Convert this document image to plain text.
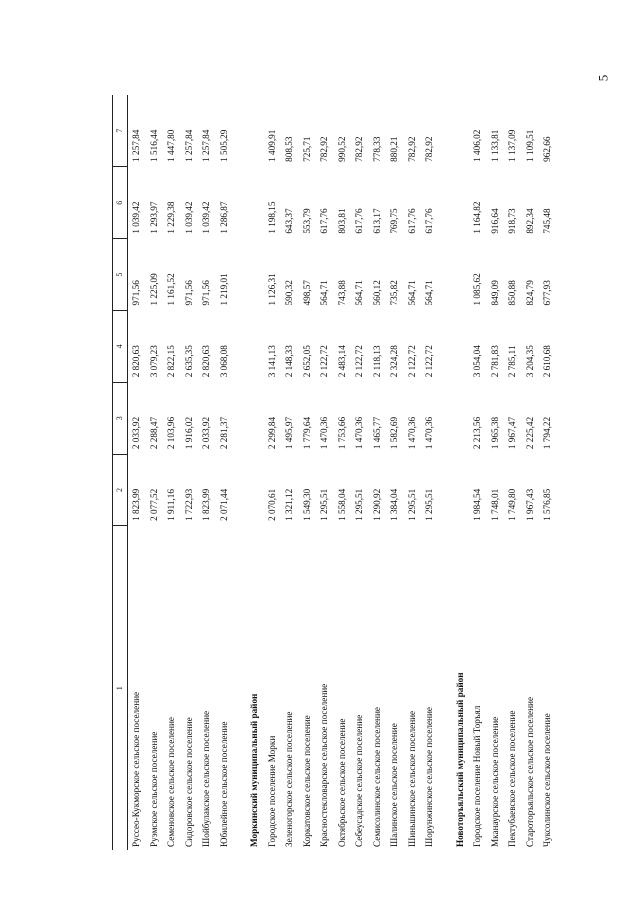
5
1	2	3	4	5	6	7
Руссео-Кукморское сельское поселение	1 823,99	2 033,92	2 820,63	971,56	1 039,42	1 257,84
Руэмское сельское поселение	2 077,52	2 288,47	3 079,23	1 225,09	1 293,97	1 516,44
Семеновское сельское поселение	1 911,16	2 103,96	2 822,15	1 161,52	1 229,38	1 447,80
Сидоровское сельское поселение	1 722,93	1 916,02	2 635,35	971,56	1 039,42	1 257,84
Шойбулакское сельское поселение	1 823,99	2 033,92	2 820,63	971,56	1 039,42	1 257,84
Юбилейное сельское поселение	2 071,44	2 281,37	3 068,08	1 219,01	1 286,87	1 505,29

Моркинский муниципальный район						
Городское поселение Морки	2 070,61	2 299,84	3 141,13	1 126,31	1 198,15	1 409,91
Зеленогорское сельское поселение	1 321,12	1 495,97	2 148,33	590,32	643,37	808,53
Коркатовское сельское поселение	1 549,30	1 779,64	2 652,05	498,57	553,79	725,71
Красностекловарское сельское поселение	1 295,51	1 470,36	2 122,72	564,71	617,76	782,92
Октябрьское сельское поселение	1 558,04	1 753,66	2 483,14	743,88	803,81	990,52
Себеусадское сельское поселение	1 295,51	1 470,36	2 122,72	564,71	617,76	782,92
Семисолинское сельское поселение	1 290,92	1 465,77	2 118,13	560,12	613,17	778,33
Шалинское сельское поселение	1 384,04	1 582,69	2 324,28	735,82	769,75	880,21
Шиньшинское сельское поселение	1 295,51	1 470,36	2 122,72	564,71	617,76	782,92
Шорунжинское сельское поселение	1 295,51	1 470,36	2 122,72	564,71	617,76	782,92

Новоторъяльский муниципальный район						
Городское поселение Новый Торъял	1 984,54	2 213,56	3 054,04	1 085,62	1 164,82	1 406,02
Мканаурское сельское поселение	1 748,01	1 965,38	2 781,83	849,09	916,64	1 133,81
Пектубаевское сельское поселение	1 749,80	1 967,47	2 785,11	850,88	918,73	1 137,09
Староторъяльское сельское поселение	1 967,43	2 225,42	3 204,35	824,79	892,34	1 109,51
Чуксолинское сельское поселение	1 576,85	1 794,22	2 610,68	677,93	745,48	962,66
